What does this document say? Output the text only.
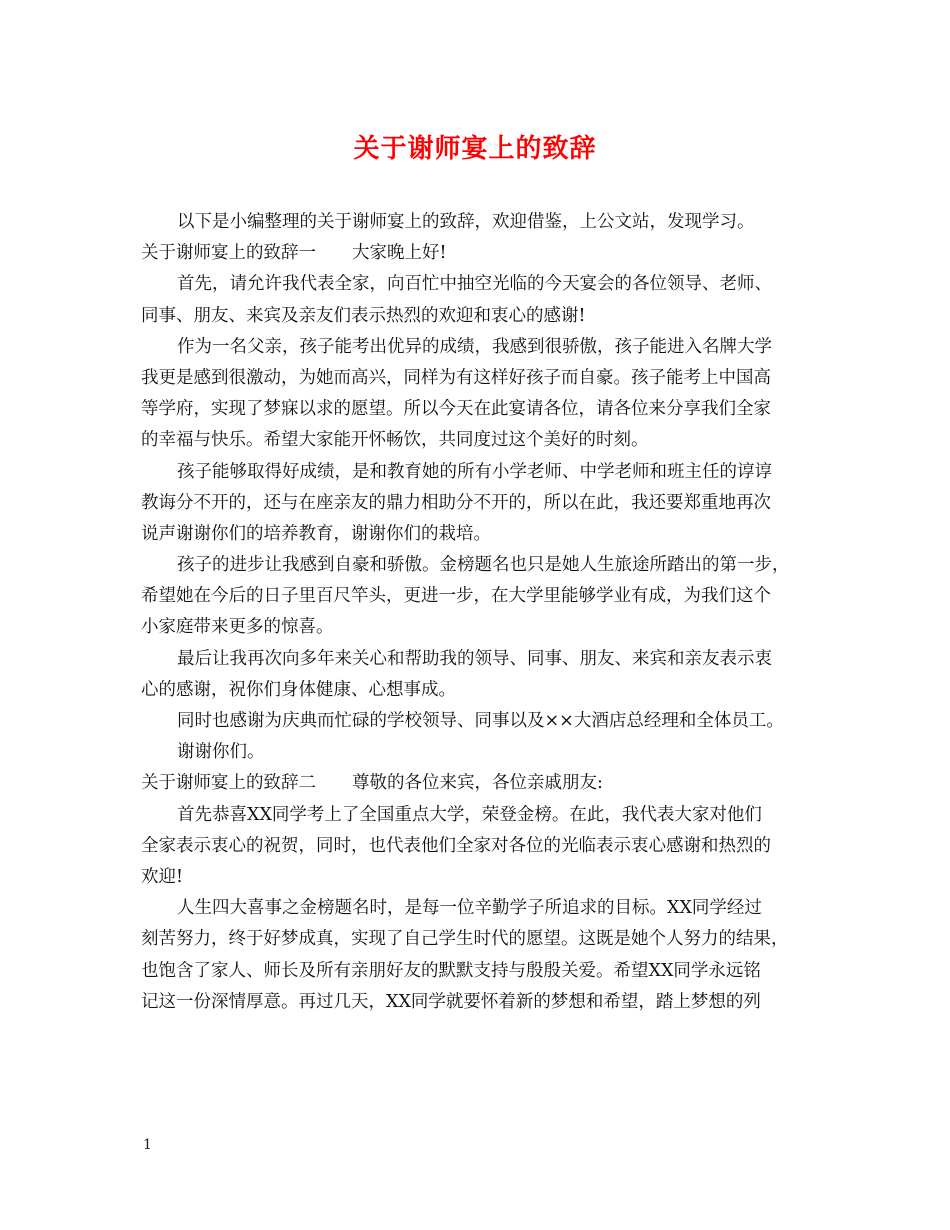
关于谢师宴上的致辞
以下是小编整理的关于谢师宴上的致辞，欢迎借鉴，上公文站，发现学习。
关于谢师宴上的致辞一 大家晚上好!
首先，请允许我代表全家，向百忙中抽空光临的今天宴会的各位领导、老师、
同事、朋友、来宾及亲友们表示热烈的欢迎和衷心的感谢!
作为一名父亲，孩子能考出优异的成绩，我感到很骄傲，孩子能进入名牌大学
我更是感到很激动，为她而高兴，同样为有这样好孩子而自豪。孩子能考上中国高
等学府，实现了梦寐以求的愿望。所以今天在此宴请各位，请各位来分享我们全家
的幸福与快乐。希望大家能开怀畅饮，共同度过这个美好的时刻。
孩子能够取得好成绩，是和教育她的所有小学老师、中学老师和班主任的谆谆
教诲分不开的，还与在座亲友的鼎力相助分不开的，所以在此，我还要郑重地再次
说声谢谢你们的培养教育，谢谢你们的栽培。
孩子的进步让我感到自豪和骄傲。金榜题名也只是她人生旅途所踏出的第一步，
希望她在今后的日子里百尺竿头，更进一步，在大学里能够学业有成，为我们这个
小家庭带来更多的惊喜。
最后让我再次向多年来关心和帮助我的领导、同事、朋友、来宾和亲友表示衷
心的感谢，祝你们身体健康、心想事成。
同时也感谢为庆典而忙碌的学校领导、同事以及××大酒店总经理和全体员工。
谢谢你们。
关于谢师宴上的致辞二 尊敬的各位来宾，各位亲戚朋友:
首先恭喜XX同学考上了全国重点大学，荣登金榜。在此，我代表大家对他们
全家表示衷心的祝贺，同时，也代表他们全家对各位的光临表示衷心感谢和热烈的
欢迎!
人生四大喜事之金榜题名时，是每一位辛勤学子所追求的目标。XX同学经过
刻苦努力，终于好梦成真，实现了自己学生时代的愿望。这既是她个人努力的结果，
也饱含了家人、师长及所有亲朋好友的默默支持与殷殷关爱。希望XX同学永远铭
记这一份深情厚意。再过几天，XX同学就要怀着新的梦想和希望，踏上梦想的列
1
